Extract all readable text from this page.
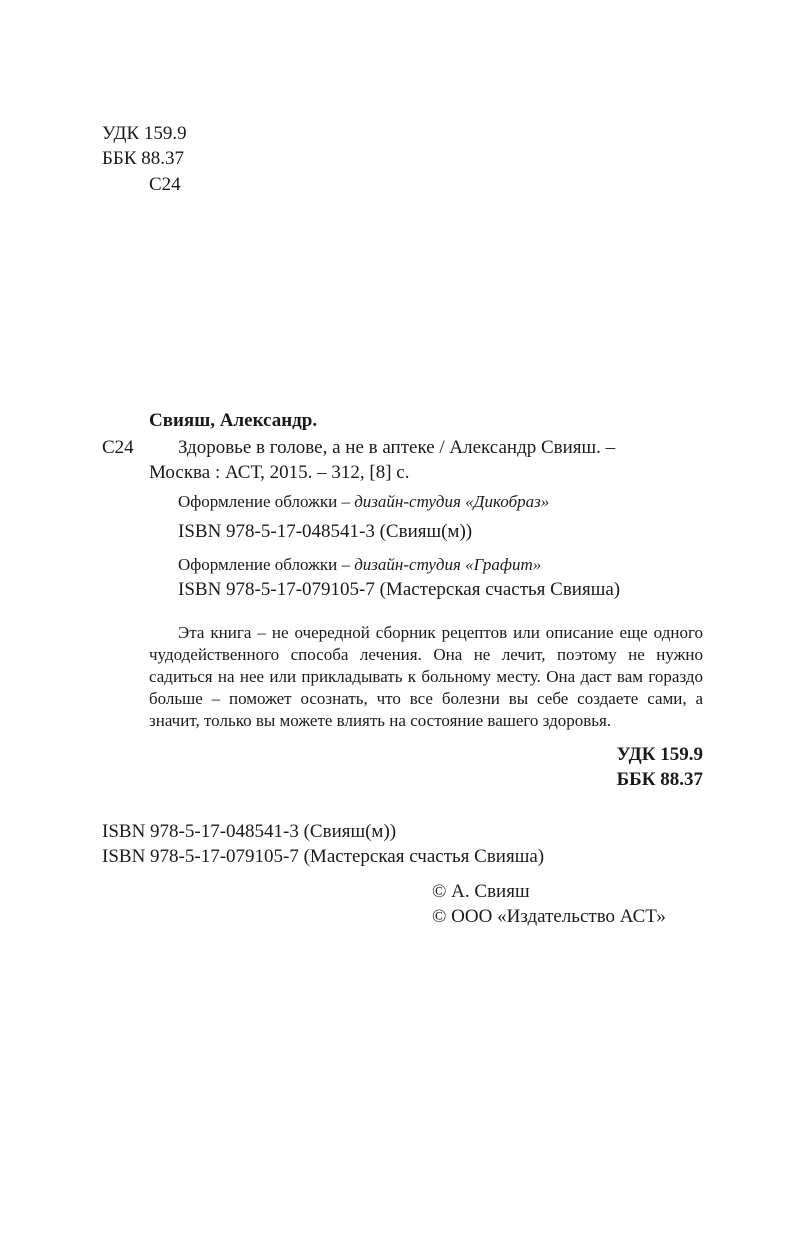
УДК 159.9
ББК 88.37
С24
Свияш, Александр.
С24 Здоровье в голове, а не в аптеке / Александр Свияш. –
Москва : АСТ, 2015. – 312, [8] с.
Оформление обложки – дизайн-студия «Дикобраз»
ISBN 978-5-17-048541-3 (Свияш(м))
Оформление обложки – дизайн-студия «Графит»
ISBN 978-5-17-079105-7 (Мастерская счастья Свияша)
Эта книга – не очередной сборник рецептов или описание еще одного чудодейственного способа лечения. Она не лечит, поэтому не нужно садиться на нее или прикладывать к больному месту. Она даст вам гораздо больше – поможет осознать, что все болезни вы себе создаете сами, а значит, только вы можете влиять на состояние вашего здоровья.
УДК 159.9
ББК 88.37
ISBN 978-5-17-048541-3 (Свияш(м))
ISBN 978-5-17-079105-7 (Мастерская счастья Свияша)
© А. Свияш
© ООО «Издательство АСТ»
